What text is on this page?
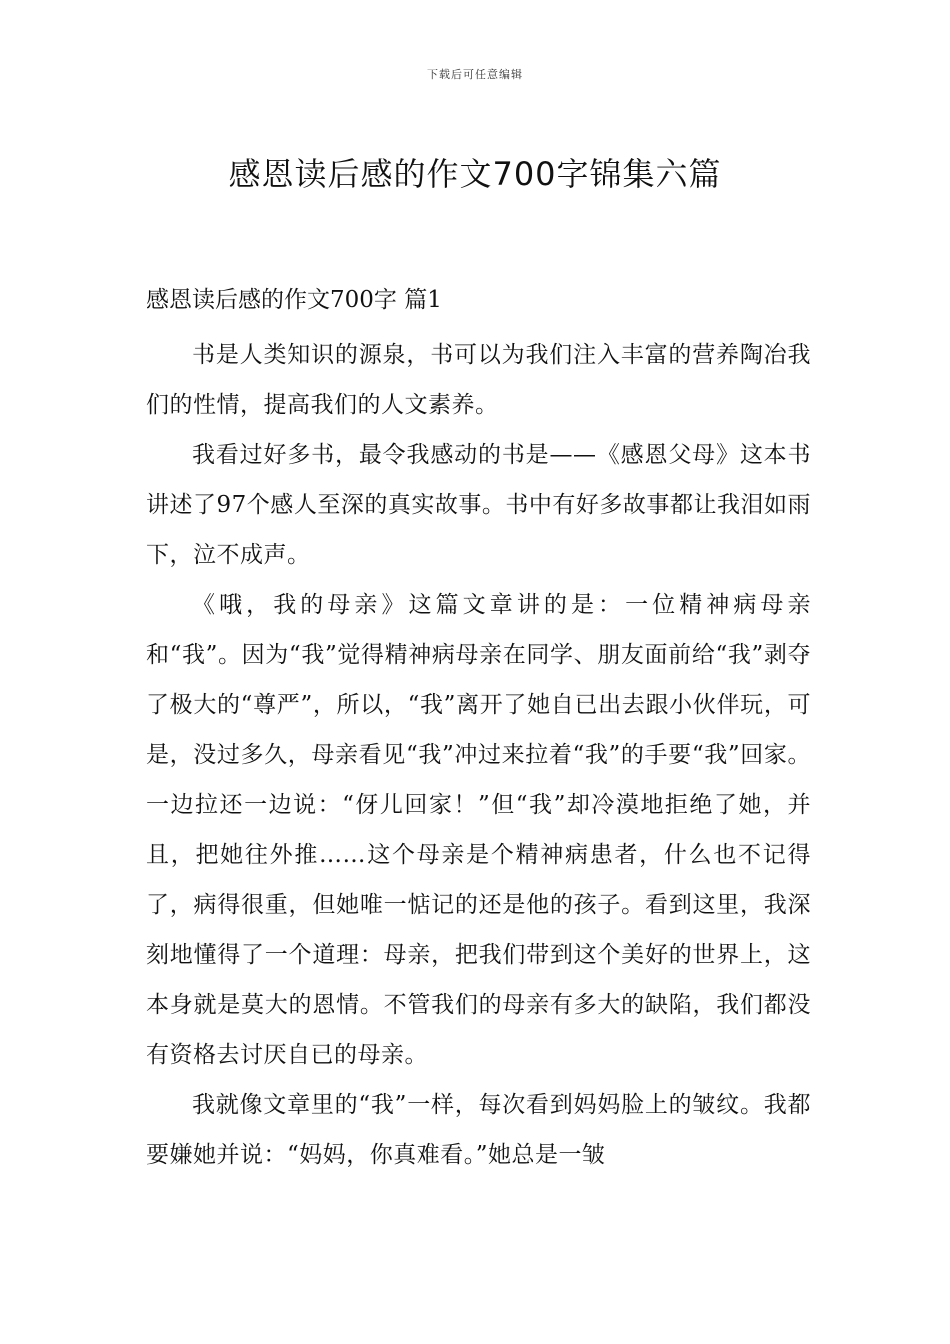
下载后可任意编辑
感恩读后感的作文700字锦集六篇
感恩读后感的作文700字 篇1

书是人类知识的源泉，书可以为我们注入丰富的营养陶冶我们的性情，提高我们的人文素养。

我看过好多书，最令我感动的书是——《感恩父母》这本书讲述了97个感人至深的真实故事。书中有好多故事都让我泪如雨下，泣不成声。

《哦，我的母亲》这篇文章讲的是：一位精神病母亲和“我”。因为“我”觉得精神病母亲在同学、朋友面前给“我”剥夺了极大的“尊严”，所以，“我”离开了她自已出去跟小伙伴玩，可是，没过多久，母亲看见“我”冲过来拉着“我”的手要“我”回家。一边拉还一边说：“伢儿回家！”但“我”却冷漠地拒绝了她，并且，把她往外推……这个母亲是个精神病患者，什么也不记得了，病得很重，但她唯一惦记的还是他的孩子。看到这里，我深刻地懂得了一个道理：母亲，把我们带到这个美好的世界上，这本身就是莫大的恩情。不管我们的母亲有多大的缺陷，我们都没有资格去讨厌自已的母亲。

我就像文章里的“我”一样，每次看到妈妈脸上的皱纹。我都要嫌她并说：“妈妈，你真难看。”她总是一皱
